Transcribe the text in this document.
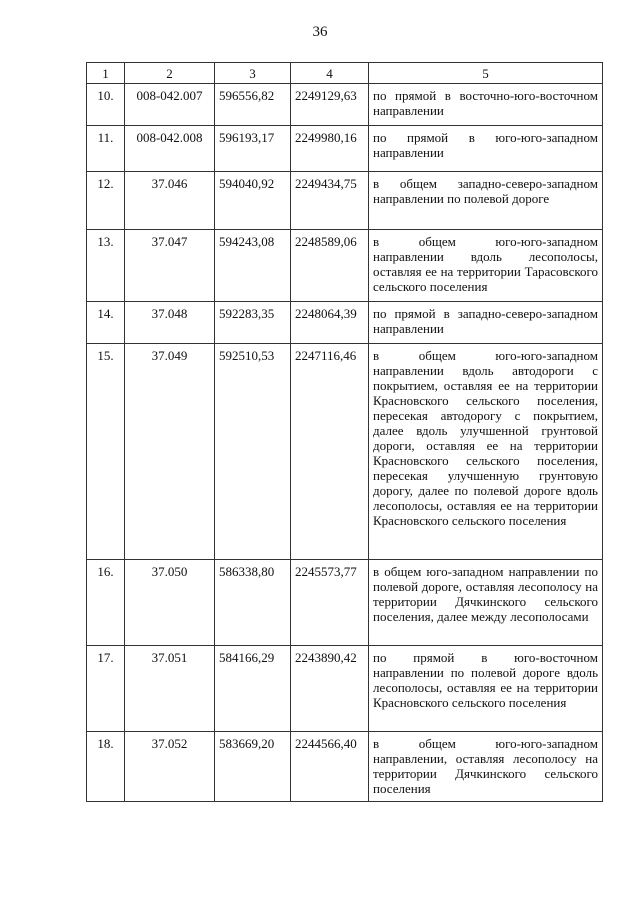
36
1	2	3	4	5
10.	008-042.007	596556,82	2249129,63	по прямой в восточно-юго-восточном направлении
11.	008-042.008	596193,17	2249980,16	по прямой в юго-юго-западном направлении
12.	37.046	594040,92	2249434,75	в общем западно-северо-западном направлении по полевой дороге
13.	37.047	594243,08	2248589,06	в общем юго-юго-западном направлении вдоль лесополосы, оставляя ее на территории Тарасовского сельского поселения
14.	37.048	592283,35	2248064,39	по прямой в западно-северо-западном направлении
15.	37.049	592510,53	2247116,46	в общем юго-юго-западном направлении вдоль автодороги с покрытием, оставляя ее на территории Красновского сельского поселения, пересекая автодорогу с покрытием, далее вдоль улучшенной грунтовой дороги, оставляя ее на территории Красновского сельского поселения, пересекая улучшенную грунтовую дорогу, далее по полевой дороге вдоль лесополосы, оставляя ее на территории Красновского сельского поселения
16.	37.050	586338,80	2245573,77	в общем юго-западном направлении по полевой дороге, оставляя лесополосу на территории Дячкинского сельского поселения, далее между лесополосами
17.	37.051	584166,29	2243890,42	по прямой в юго-восточном направлении по полевой дороге вдоль лесополосы, оставляя ее на территории Красновского сельского поселения
18.	37.052	583669,20	2244566,40	в общем юго-юго-западном направлении, оставляя лесополосу на территории Дячкинского сельского поселения
